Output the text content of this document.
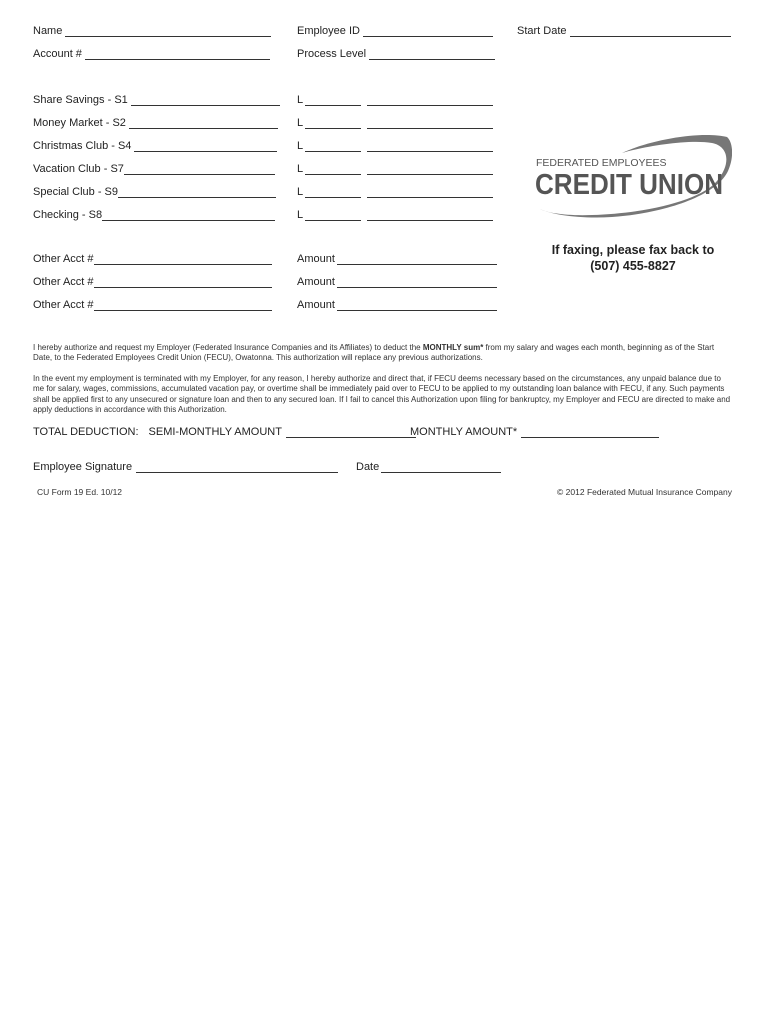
Name	Employee ID	Start Date
Account #	Process Level
Share Savings - S1	L
Money Market - S2	L
Christmas Club - S4	L
Vacation Club - S7	L
Special Club - S9	L
Checking - S8	L
FEDERATED EMPLOYEES
CREDIT UNION
If faxing, please fax back to
(507) 455-8827
Other Acct #	Amount
Other Acct #	Amount
Other Acct #	Amount
I hereby authorize and request my Employer (Federated Insurance Companies and its Affiliates) to deduct the MONTHLY sum* from my salary and wages each month, beginning as of the Start Date, to the Federated Employees Credit Union (FECU), Owatonna. This authorization will replace any previous authorizations.
In the event my employment is terminated with my Employer, for any reason, I hereby authorize and direct that, if FECU deems necessary based on the circumstances, any unpaid balance due to me for salary, wages, commissions, accumulated vacation pay, or overtime shall be immediately paid over to FECU to be applied to my outstanding loan balance with FECU, if any. Such payments shall be applied first to any unsecured or signature loan and then to any secured loan. If I fail to cancel this Authorization upon filing for bankruptcy, my Employer and FECU are directed to make and apply deductions in accordance with this Authorization.
TOTAL DEDUCTION: SEMI-MONTHLY AMOUNT	MONTHLY AMOUNT*
Employee Signature	Date
CU Form 19 Ed. 10/12	© 2012 Federated Mutual Insurance Company
